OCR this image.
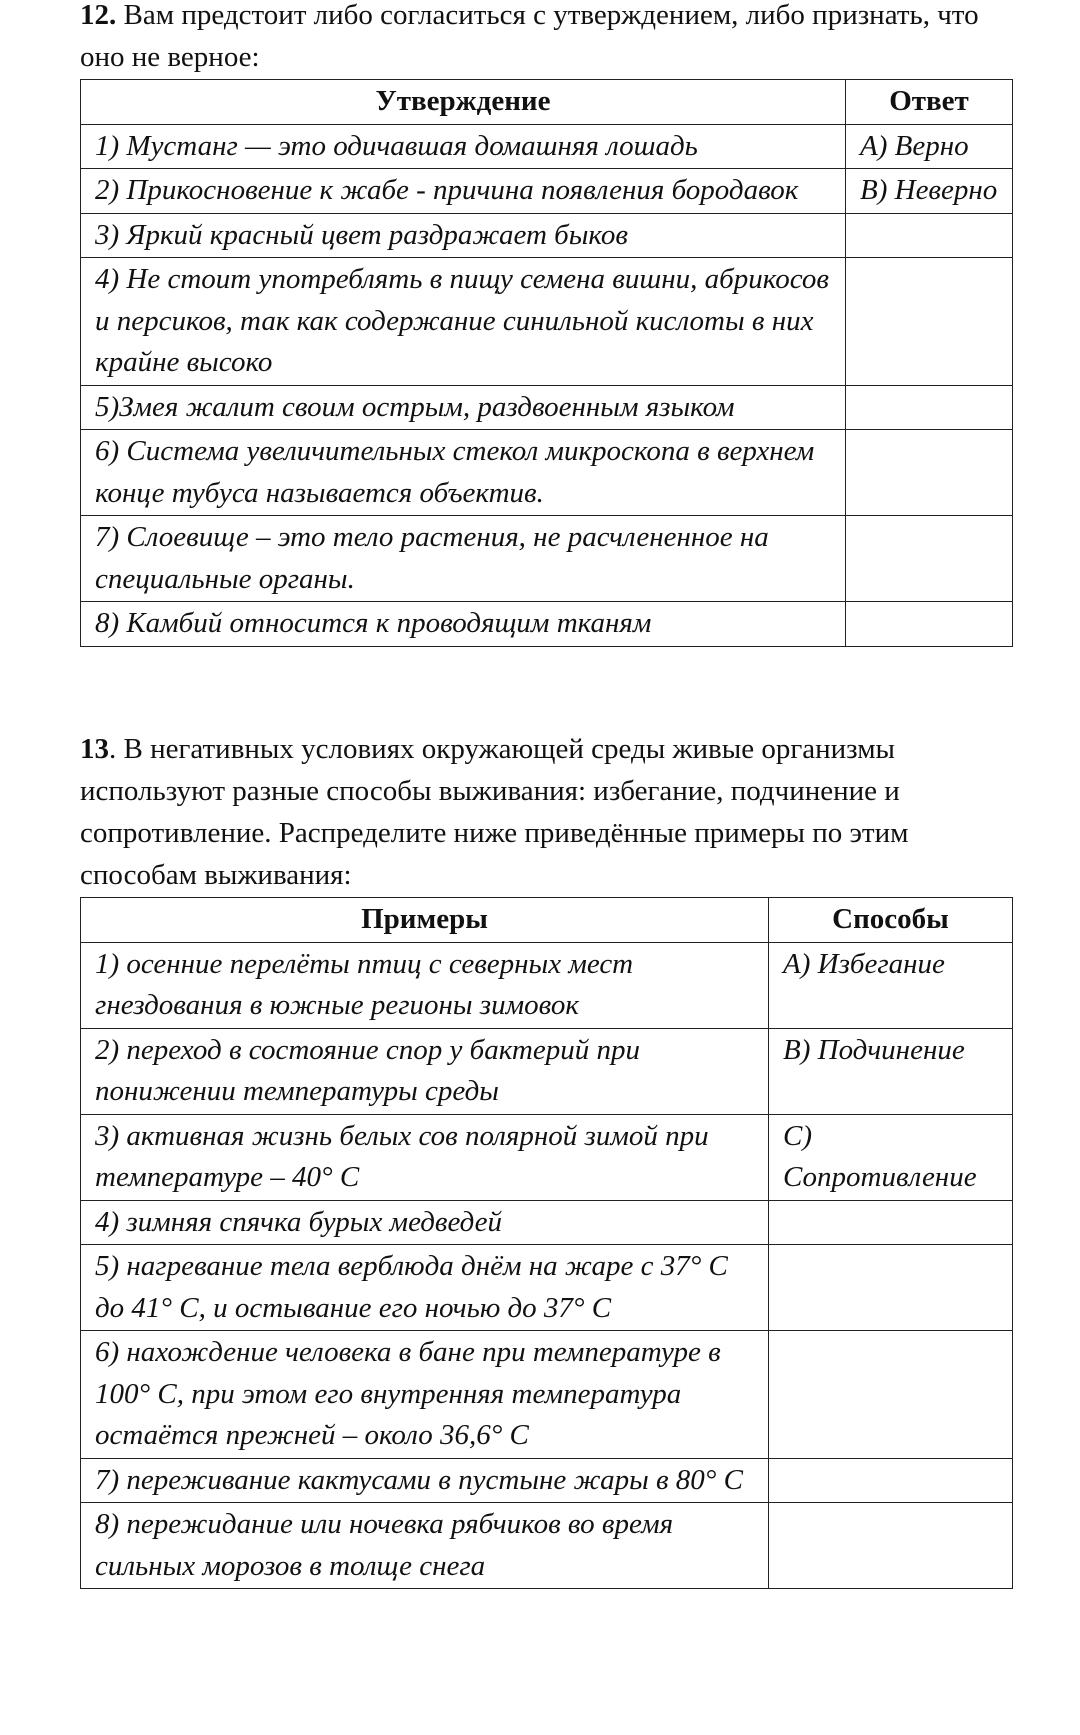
12. Вам предстоит либо согласиться с утверждением, либо признать, что оно не верное:

Утверждение	Ответ
1) Мустанг — это одичавшая домашняя лошадь	А) Верно
2) Прикосновение к жабе - причина появления бородавок	В) Неверно
3) Яркий красный цвет раздражает быков	
4) Не стоит употреблять в пищу семена вишни, абрикосов и персиков, так как содержание синильной кислоты в них крайне высоко	
5)Змея жалит своим острым, раздвоенным языком	
6) Система увеличительных стекол микроскопа в верхнем конце тубуса называется объектив.	
7) Слоевище – это тело растения, не расчлененное на специальные органы.	
8) Камбий относится к проводящим тканям	

13. В негативных условиях окружающей среды живые организмы используют разные способы выживания: избегание, подчинение и сопротивление. Распределите ниже приведённые примеры по этим способам выживания:

Примеры	Способы
1) осенние перелёты птиц с северных мест гнездования в южные регионы зимовок	А) Избегание
2) переход в состояние спор у бактерий при понижении температуры среды	В) Подчинение
3) активная жизнь белых сов полярной зимой при температуре – 40° С	С) Сопротивление
4) зимняя спячка бурых медведей	
5) нагревание тела верблюда днём на жаре с 37° С до 41° С, и остывание его ночью до 37° С	
6) нахождение человека в бане при температуре в 100° С, при этом его внутренняя температура остаётся прежней – около 36,6° С	
7) переживание кактусами в пустыне жары в 80° С	
8) пережидание или ночевка рябчиков во время сильных морозов в толще снега	
